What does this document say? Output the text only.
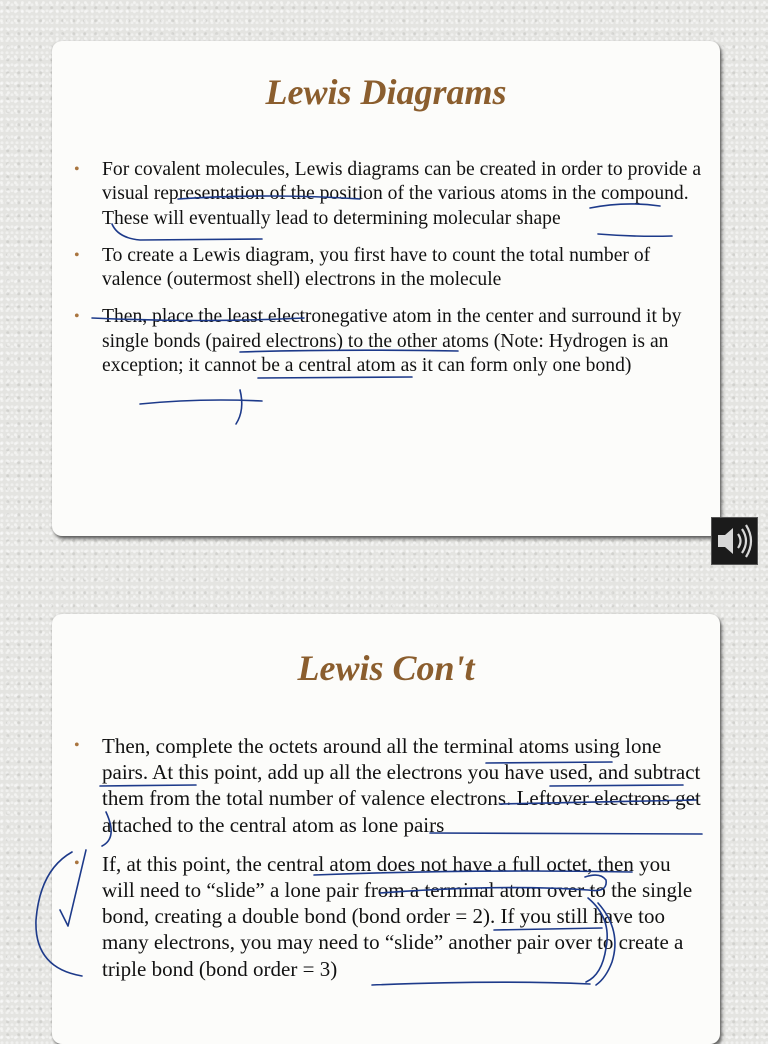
Lewis Diagrams
• For covalent molecules, Lewis diagrams can be created in order to provide a visual representation of the position of the various atoms in the compound. These will eventually lead to determining molecular shape
• To create a Lewis diagram, you first have to count the total number of valence (outermost shell) electrons in the molecule
• Then, place the least electronegative atom in the center and surround it by single bonds (paired electrons) to the other atoms (Note: Hydrogen is an exception; it cannot be a central atom as it can form only one bond)
Lewis Con't
• Then, complete the octets around all the terminal atoms using lone pairs. At this point, add up all the electrons you have used, and subtract them from the total number of valence electrons. Leftover electrons get attached to the central atom as lone pairs
• If, at this point, the central atom does not have a full octet, then you will need to “slide” a lone pair from a terminal atom over to the single bond, creating a double bond (bond order = 2). If you still have too many electrons, you may need to “slide” another pair over to create a triple bond (bond order = 3)
